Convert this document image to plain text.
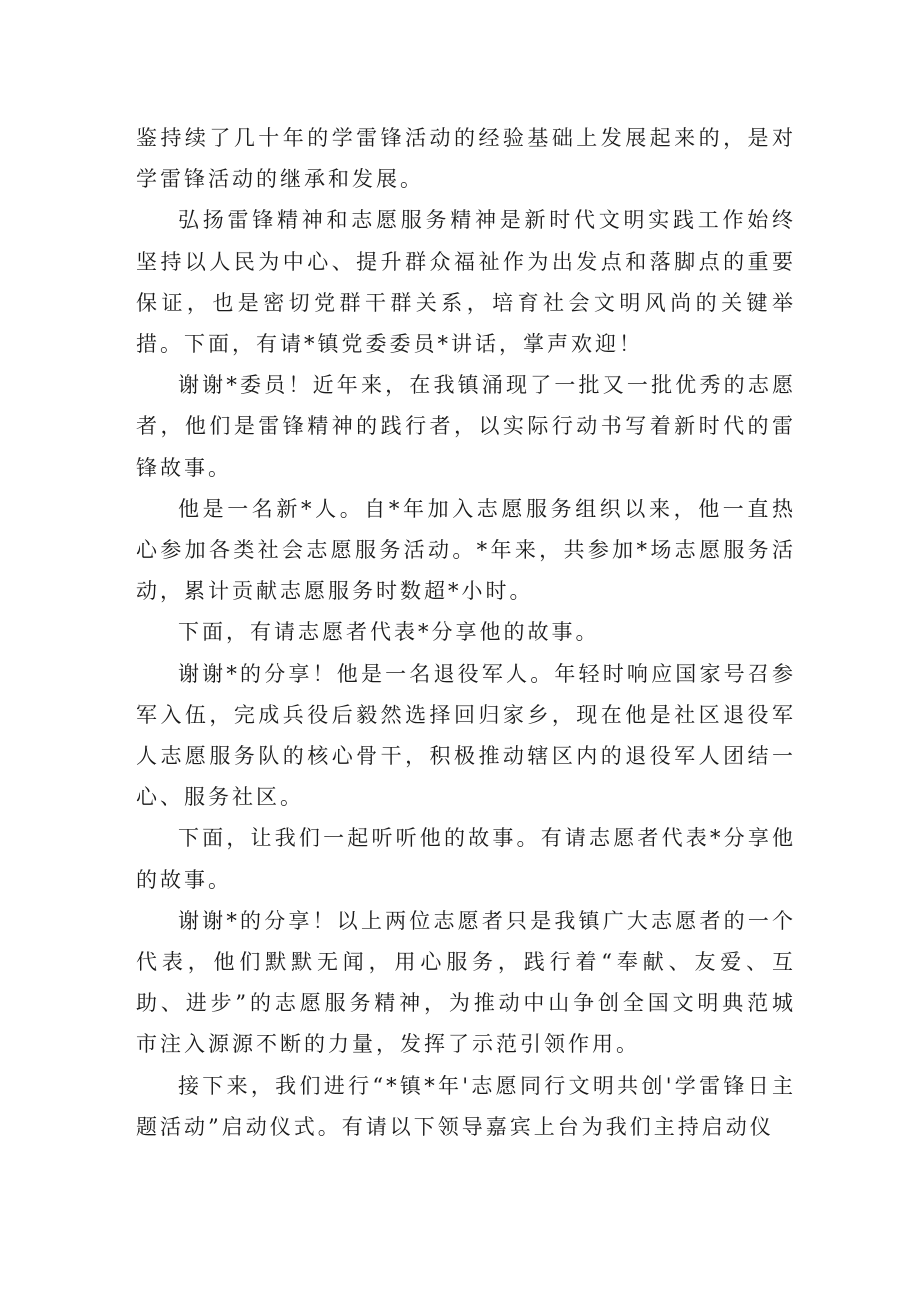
鉴持续了几十年的学雷锋活动的经验基础上发展起来的，是对学雷锋活动的继承和发展。

弘扬雷锋精神和志愿服务精神是新时代文明实践工作始终坚持以人民为中心、提升群众福祉作为出发点和落脚点的重要保证，也是密切党群干群关系，培育社会文明风尚的关键举措。下面，有请*镇党委委员*讲话，掌声欢迎！

谢谢*委员！近年来，在我镇涌现了一批又一批优秀的志愿者，他们是雷锋精神的践行者，以实际行动书写着新时代的雷锋故事。

他是一名新*人。自*年加入志愿服务组织以来，他一直热心参加各类社会志愿服务活动。*年来，共参加*场志愿服务活动，累计贡献志愿服务时数超*小时。

下面，有请志愿者代表*分享他的故事。

谢谢*的分享！他是一名退役军人。年轻时响应国家号召参军入伍，完成兵役后毅然选择回归家乡，现在他是社区退役军人志愿服务队的核心骨干，积极推动辖区内的退役军人团结一心、服务社区。

下面，让我们一起听听他的故事。有请志愿者代表*分享他的故事。

谢谢*的分享！以上两位志愿者只是我镇广大志愿者的一个代表，他们默默无闻，用心服务，践行着“奉献、友爱、互助、进步”的志愿服务精神，为推动中山争创全国文明典范城市注入源源不断的力量，发挥了示范引领作用。

接下来，我们进行“*镇*年'志愿同行文明共创'学雷锋日主题活动”启动仪式。有请以下领导嘉宾上台为我们主持启动仪
